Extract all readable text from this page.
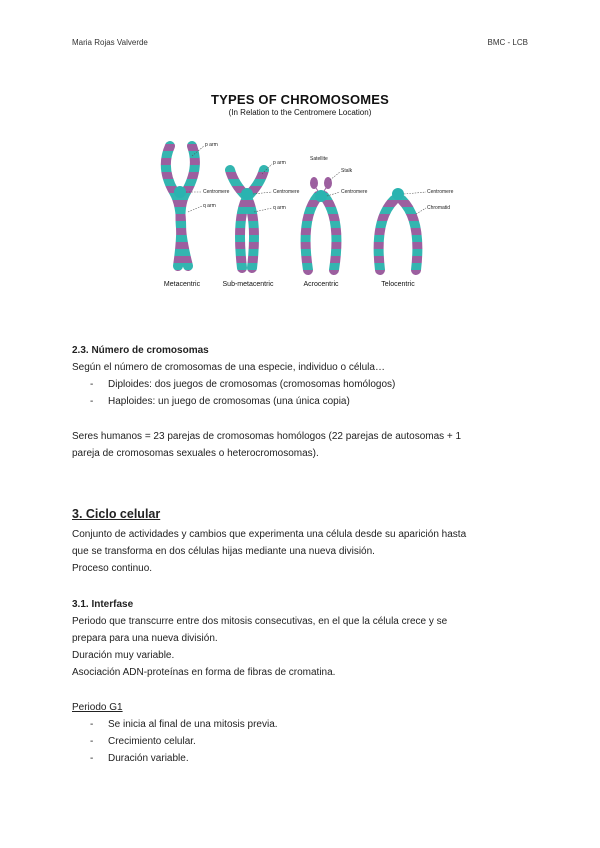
Maria Rojas Valverde	BMC - LCB
p arm
Centromere
q arm
p arm
Centromere
q arm
Satellite
Stalk
Centromere	Centromere
Chromatid
Metacentric	Sub-metacentric	Acrocentric	Telocentric
TYPES OF CHROMOSOMES
(In Relation to the Centromere Location)
2.3. Número de cromosomas
Según el número de cromosomas de una especie, individuo o célula…
- Diploides: dos juegos de cromosomas (cromosomas homólogos)
- Haploides: un juego de cromosomas (una única copia)
Seres humanos = 23 parejas de cromosomas homólogos (22 parejas de autosomas + 1
pareja de cromosomas sexuales o heterocromosomas).
3. Ciclo celular
Conjunto de actividades y cambios que experimenta una célula desde su aparición hasta
que se transforma en dos células hijas mediante una nueva división.
Proceso continuo.
3.1. Interfase
Periodo que transcurre entre dos mitosis consecutivas, en el que la célula crece y se
prepara para una nueva división.
Duración muy variable.
Asociación ADN-proteínas en forma de fibras de cromatina.
Periodo G1
- Se inicia al final de una mitosis previa.
- Crecimiento celular.
- Duración variable.
